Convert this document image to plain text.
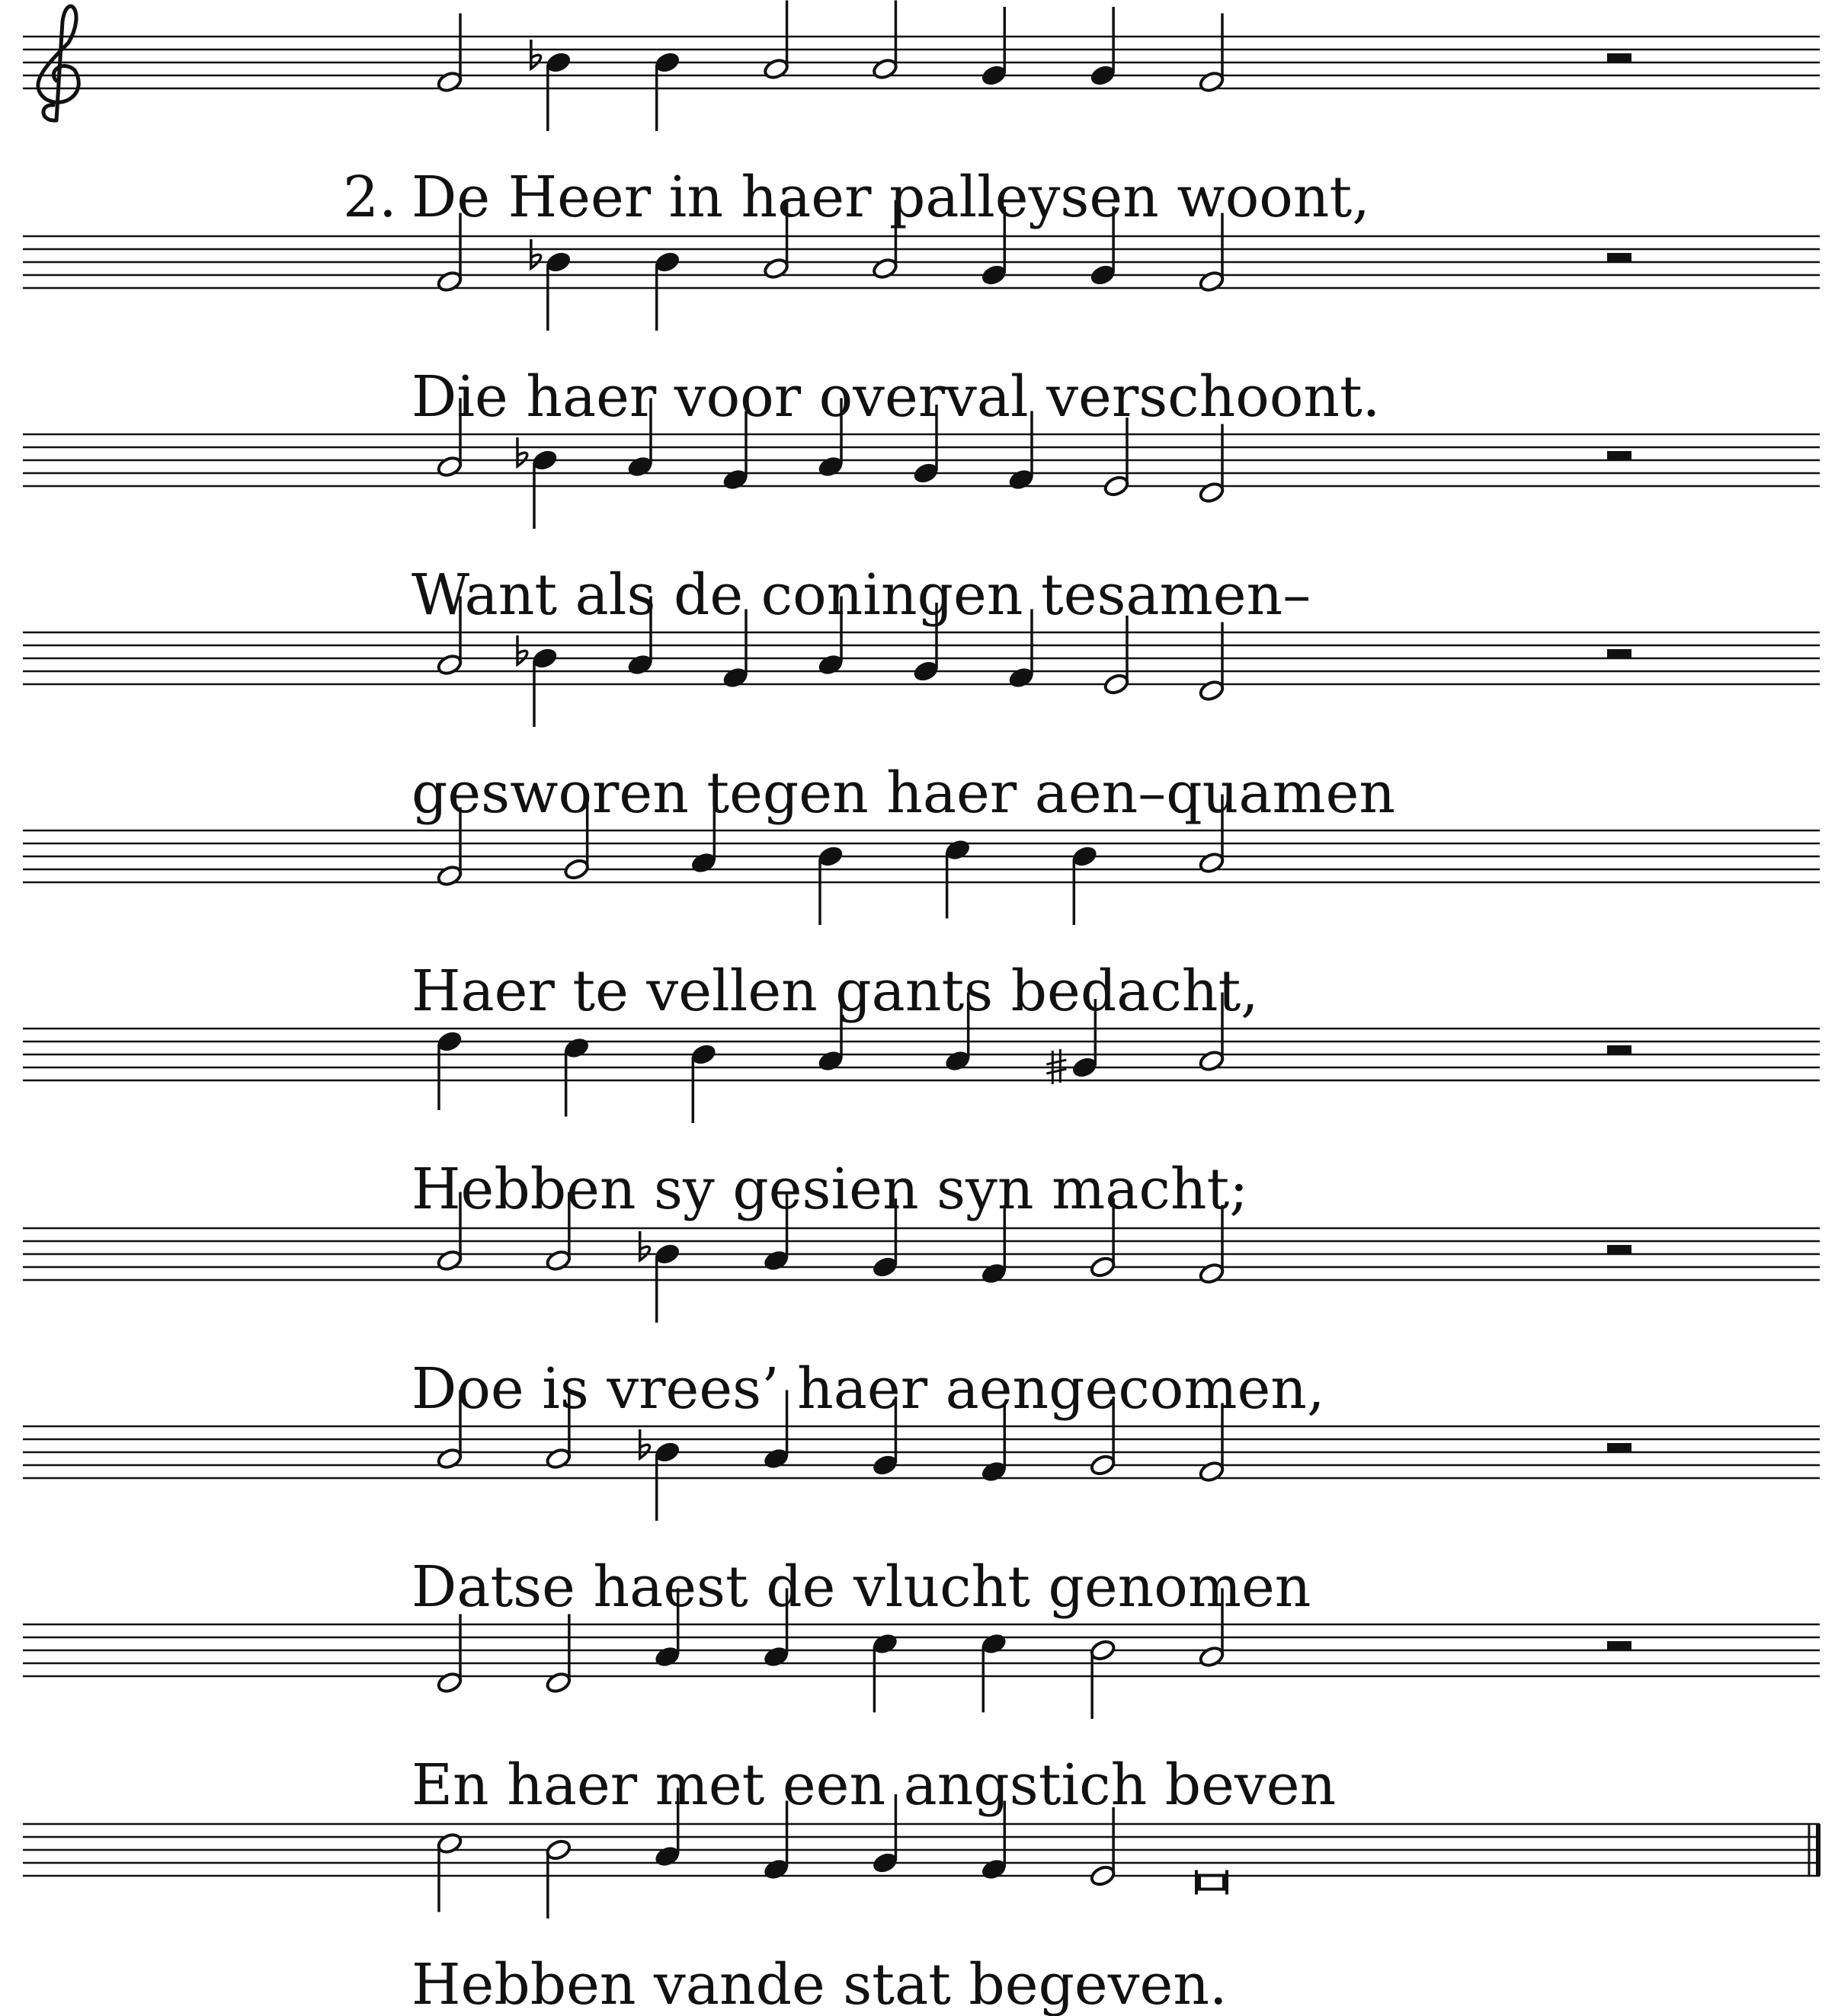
2. De Heer in haer palleysen woont,
Die haer voor overval verschoont.
Want als de coningen tesamen–
gesworen tegen haer aen–quamen
Haer te vellen gants bedacht,
Hebben sy gesien syn macht;
Doe is vrees’ haer aengecomen,
Datse haest de vlucht genomen
En haer met een angstich beven
Hebben vande stat begeven.
